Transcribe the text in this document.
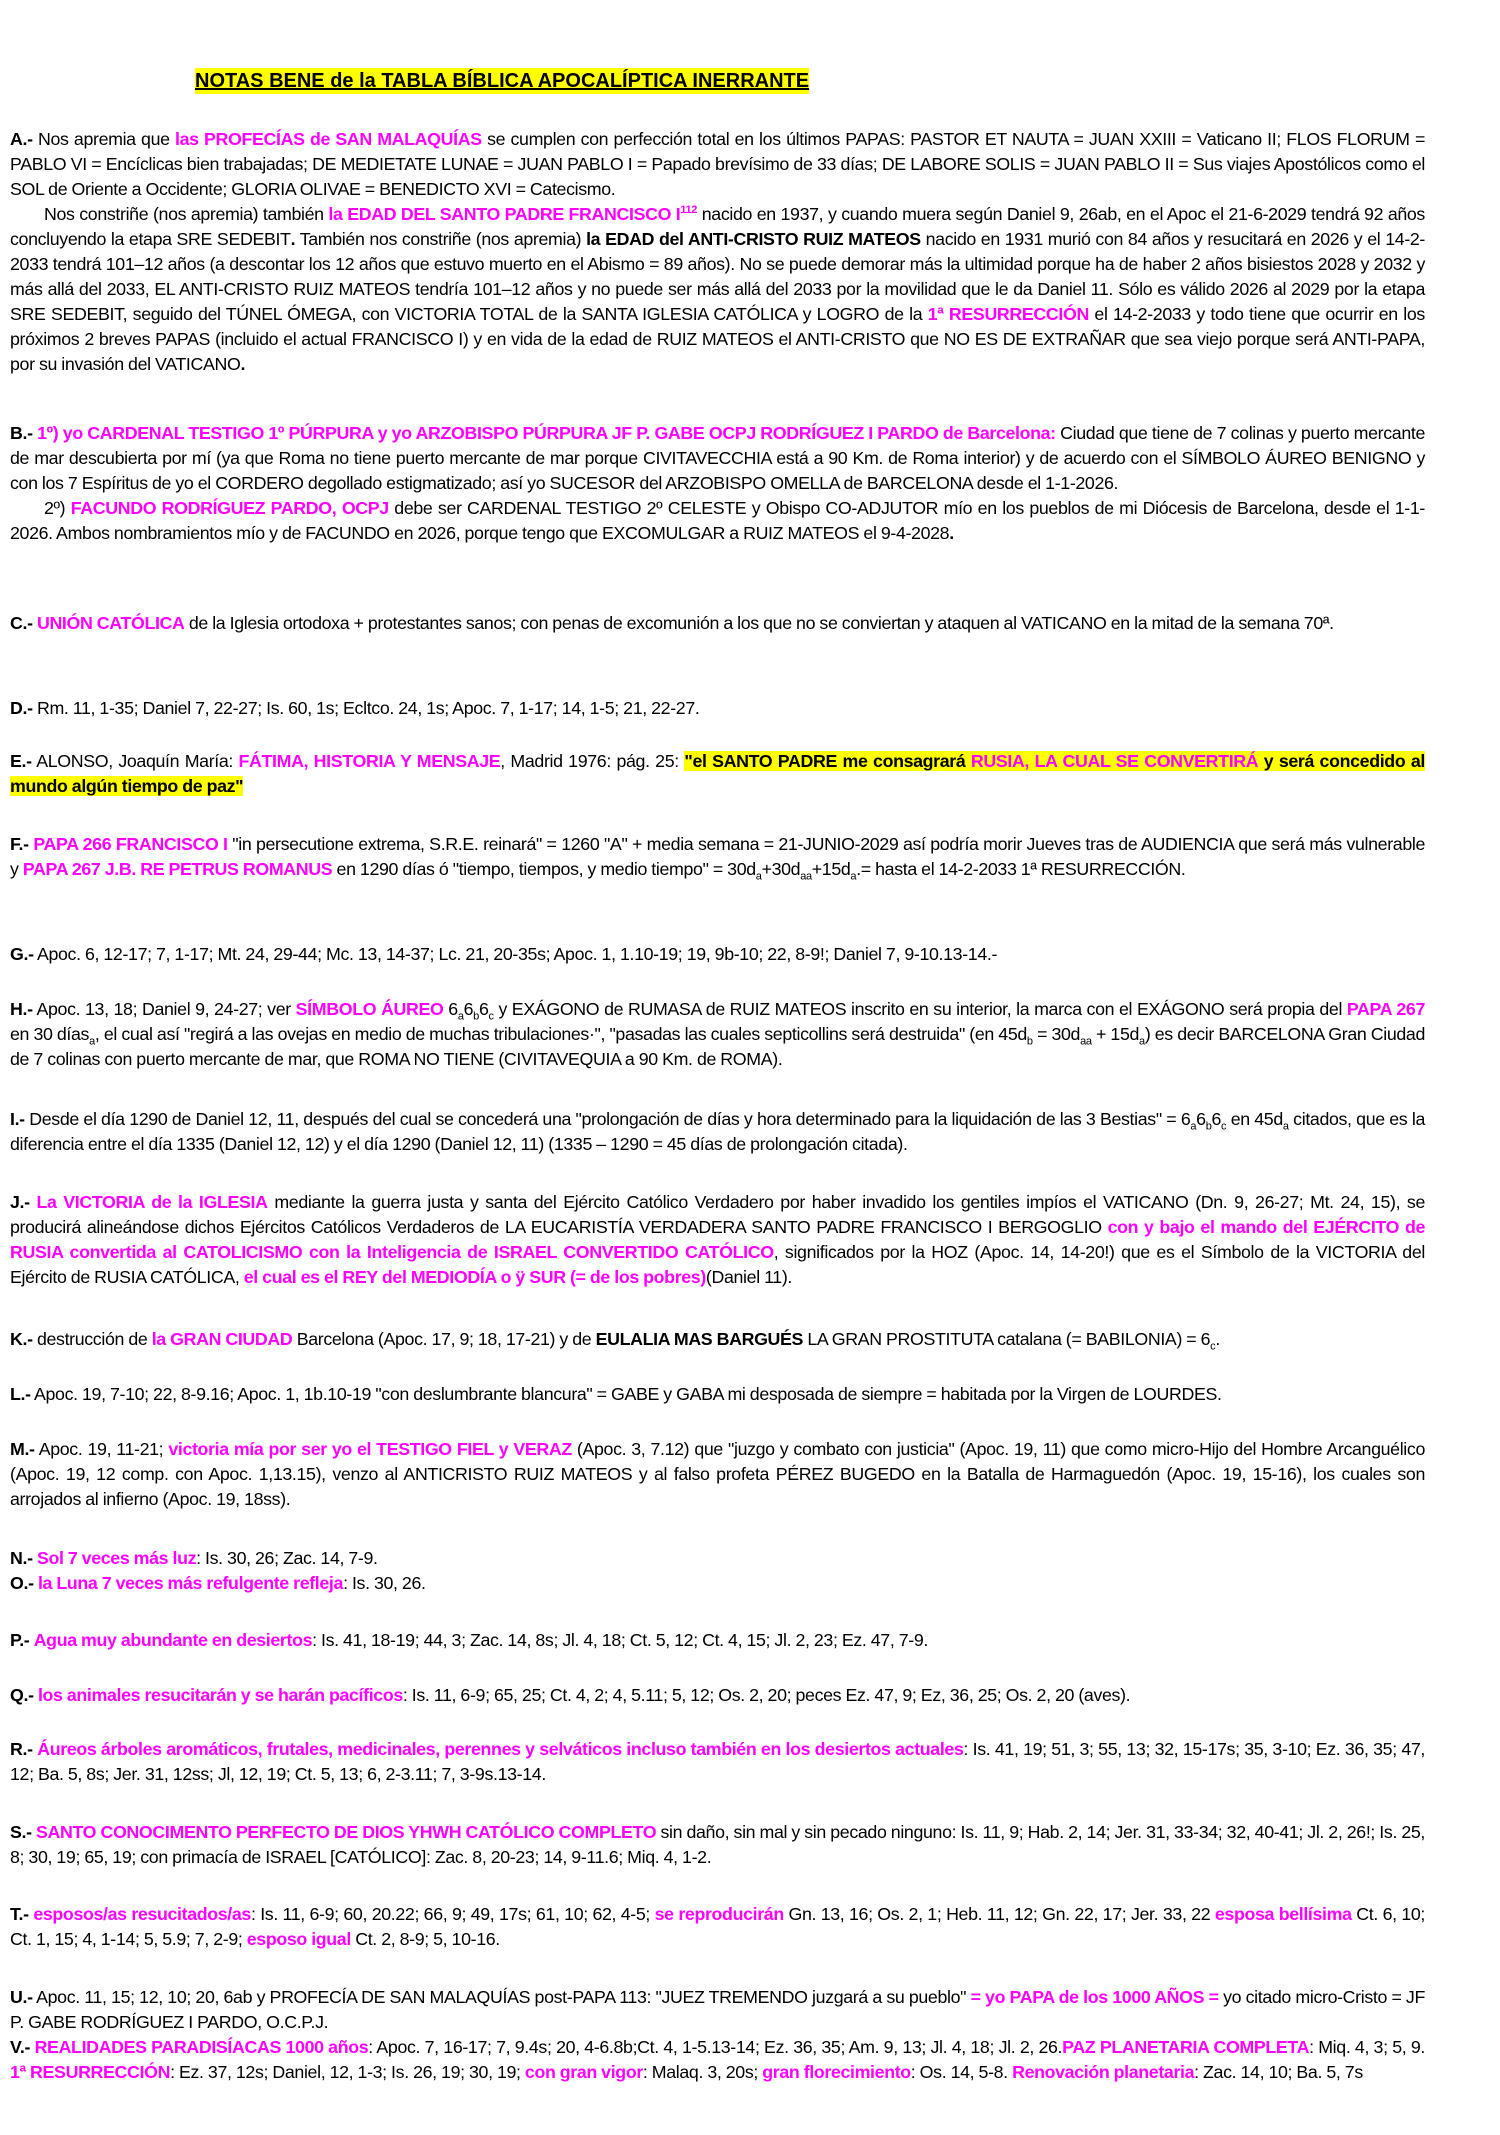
NOTAS BENE de la TABLA BÍBLICA APOCALÍPTICA INERRANTE
A.- Nos apremia que las PROFECÍAS de SAN MALAQUÍAS se cumplen con perfección total en los últimos PAPAS: PASTOR ET NAUTA = JUAN XXIII = Vaticano II; FLOS FLORUM = PABLO VI = Encíclicas bien trabajadas; DE MEDIETATE LUNAE = JUAN PABLO I = Papado brevísimo de 33 días; DE LABORE SOLIS = JUAN PABLO II = Sus viajes Apostólicos como el SOL de Oriente a Occidente; GLORIA OLIVAE = BENEDICTO XVI = Catecismo.
Nos constriñe (nos apremia) también la EDAD DEL SANTO PADRE FRANCISCO $I^{112}$ nacido en 1937, y cuando muera según Daniel 9, 26ab, en el Apoc el 21-6-2029 tendrá 92 años concluyendo la etapa SRE SEDEBIT. También nos constriñe (nos apremia) la EDAD del ANTI-CRISTO RUIZ MATEOS nacido en 1931 murió con 84 años y resucitará en 2026 y el 14-2-2033 tendrá 101–12 años (a descontar los 12 años que estuvo muerto en el Abismo = 89 años). No se puede demorar más la ultimidad porque ha de haber 2 años bisiestos 2028 y 2032 y más allá del 2033, EL ANTI-CRISTO RUIZ MATEOS tendría 101–12 años y no puede ser más allá del 2033 por la movilidad que le da Daniel 11. Sólo es válido 2026 al 2029 por la etapa SRE SEDEBIT, seguido del TÚNEL ÓMEGA, con VICTORIA TOTAL de la SANTA IGLESIA CATÓLICA y LOGRO de la 1ª RESURRECCIÓN el 14-2-2033 y todo tiene que ocurrir en los próximos 2 breves PAPAS (incluido el actual FRANCISCO I) y en vida de la edad de RUIZ MATEOS el ANTI-CRISTO que NO ES DE EXTRAÑAR que sea viejo porque será ANTI-PAPA, por su invasión del VATICANO.
B.- 1º) yo CARDENAL TESTIGO 1º PÚRPURA y yo ARZOBISPO PÚRPURA JF P. GABE OCPJ RODRÍGUEZ I PARDO de Barcelona: Ciudad que tiene de 7 colinas y puerto mercante de mar descubierta por mí (ya que Roma no tiene puerto mercante de mar porque CIVITAVECCHIA está a 90 Km. de Roma interior) y de acuerdo con el SÍMBOLO ÁUREO BENIGNO y con los 7 Espíritus de yo el CORDERO degollado estigmatizado; así yo SUCESOR del ARZOBISPO OMELLA de BARCELONA desde el 1-1-2026.
2º) FACUNDO RODRÍGUEZ PARDO, OCPJ debe ser CARDENAL TESTIGO 2º CELESTE y Obispo CO-ADJUTOR mío en los pueblos de mi Diócesis de Barcelona, desde el 1-1-2026. Ambos nombramientos mío y de FACUNDO en 2026, porque tengo que EXCOMULGAR a RUIZ MATEOS el 9-4-2028.
C.- UNIÓN CATÓLICA de la Iglesia ortodoxa + protestantes sanos; con penas de excomunión a los que no se conviertan y ataquen al VATICANO en la mitad de la semana 70ª.
D.- Rm. 11, 1-35; Daniel 7, 22-27; Is. 60, 1s; Ecltco. 24, 1s; Apoc. 7, 1-17; 14, 1-5; 21, 22-27.
E.- ALONSO, Joaquín María: FÁTIMA, HISTORIA Y MENSAJE, Madrid 1976: pág. 25: "el SANTO PADRE me consagrará RUSIA, LA CUAL SE CONVERTIRÁ y será concedido al mundo algún tiempo de paz"
F.- PAPA 266 FRANCISCO I "in persecutione extrema, S.R.E. reinará" = 1260 "A" + media semana = 21-JUNIO-2029 así podría morir Jueves tras de AUDIENCIA que será más vulnerable y PAPA 267 J.B. RE PETRUS ROMANUS en 1290 días ó "tiempo, tiempos, y medio tiempo" = $30d_a+30d_{aa}+15d_a.=$ hasta el 14-2-2033 1ª RESURRECCIÓN.
G.- Apoc. 6, 12-17; 7, 1-17; Mt. 24, 29-44; Mc. 13, 14-37; Lc. 21, 20-35s; Apoc. 1, 1.10-19; 19, 9b-10; 22, 8-9!; Daniel 7, 9-10.13-14.-
H.- Apoc. 13, 18; Daniel 9, 24-27; ver SÍMBOLO ÁUREO $6_a6_b6_c$ y EXÁGONO de RUMASA de RUIZ MATEOS inscrito en su interior, la marca con el EXÁGONO será propia del PAPA 267 en 30 días$_a$, el cual así "regirá a las ovejas en medio de muchas tribulaciones·", "pasadas las cuales septicollins será destruida" (en $45d_b = 30d_{aa} + 15d_a$) es decir BARCELONA Gran Ciudad de 7 colinas con puerto mercante de mar, que ROMA NO TIENE (CIVITAVEQUIA a 90 Km. de ROMA).
I.- Desde el día 1290 de Daniel 12, 11, después del cual se concederá una "prolongación de días y hora determinado para la liquidación de las 3 Bestias" = $6_a6_b6_c$ en $45d_a$ citados, que es la diferencia entre el día 1335 (Daniel 12, 12) y el día 1290 (Daniel 12, 11) (1335 – 1290 = 45 días de prolongación citada).
J.- La VICTORIA de la IGLESIA mediante la guerra justa y santa del Ejército Católico Verdadero por haber invadido los gentiles impíos el VATICANO (Dn. 9, 26-27; Mt. 24, 15), se producirá alineándose dichos Ejércitos Católicos Verdaderos de LA EUCARISTÍA VERDADERA SANTO PADRE FRANCISCO I BERGOGLIO con y bajo el mando del EJÉRCITO de RUSIA convertida al CATOLICISMO con la Inteligencia de ISRAEL CONVERTIDO CATÓLICO, significados por la HOZ (Apoc. 14, 14-20!) que es el Símbolo de la VICTORIA del Ejército de RUSIA CATÓLICA, el cual es el REY del MEDIODÍA o ÿ SUR (= de los pobres)(Daniel 11).
K.- destrucción de la GRAN CIUDAD Barcelona (Apoc. 17, 9; 18, 17-21) y de EULALIA MAS BARGUÉS LA GRAN PROSTITUTA catalana (= BABILONIA) = $6_c$.
L.- Apoc. 19, 7-10; 22, 8-9.16; Apoc. 1, 1b.10-19 "con deslumbrante blancura" = GABE y GABA mi desposada de siempre = habitada por la Virgen de LOURDES.
M.- Apoc. 19, 11-21; victoria mía por ser yo el TESTIGO FIEL y VERAZ (Apoc. 3, 7.12) que "juzgo y combato con justicia" (Apoc. 19, 11) que como micro-Hijo del Hombre Arcanguélico (Apoc. 19, 12 comp. con Apoc. 1,13.15), venzo al ANTICRISTO RUIZ MATEOS y al falso profeta PÉREZ BUGEDO en la Batalla de Harmaguedón (Apoc. 19, 15-16), los cuales son arrojados al infierno (Apoc. 19, 18ss).
N.- Sol 7 veces más luz: Is. 30, 26; Zac. 14, 7-9.
O.- la Luna 7 veces más refulgente refleja: Is. 30, 26.
P.- Agua muy abundante en desiertos: Is. 41, 18-19; 44, 3; Zac. 14, 8s; Jl. 4, 18; Ct. 5, 12; Ct. 4, 15; Jl. 2, 23; Ez. 47, 7-9.
Q.- los animales resucitarán y se harán pacíficos: Is. 11, 6-9; 65, 25; Ct. 4, 2; 4, 5.11; 5, 12; Os. 2, 20; peces Ez. 47, 9; Ez, 36, 25; Os. 2, 20 (aves).
R.- Áureos árboles aromáticos, frutales, medicinales, perennes y selváticos incluso también en los desiertos actuales: Is. 41, 19; 51, 3; 55, 13; 32, 15-17s; 35, 3-10; Ez. 36, 35; 47, 12; Ba. 5, 8s; Jer. 31, 12ss; Jl, 12, 19; Ct. 5, 13; 6, 2-3.11; 7, 3-9s.13-14.
S.- SANTO CONOCIMENTO PERFECTO DE DIOS YHWH CATÓLICO COMPLETO sin daño, sin mal y sin pecado ninguno: Is. 11, 9; Hab. 2, 14; Jer. 31, 33-34; 32, 40-41; Jl. 2, 26!; Is. 25, 8; 30, 19; 65, 19; con primacía de ISRAEL [CATÓLICO]: Zac. 8, 20-23; 14, 9-11.6; Miq. 4, 1-2.
T.- esposos/as resucitados/as: Is. 11, 6-9; 60, 20.22; 66, 9; 49, 17s; 61, 10; 62, 4-5; se reproducirán Gn. 13, 16; Os. 2, 1; Heb. 11, 12; Gn. 22, 17; Jer. 33, 22 esposa bellísima Ct. 6, 10; Ct. 1, 15; 4, 1-14; 5, 5.9; 7, 2-9; esposo igual Ct. 2, 8-9; 5, 10-16.
U.- Apoc. 11, 15; 12, 10; 20, 6ab y PROFECÍA DE SAN MALAQUÍAS post-PAPA 113: "JUEZ TREMENDO juzgará a su pueblo" = yo PAPA de los 1000 AÑOS = yo citado micro-Cristo = JF P. GABE RODRÍGUEZ I PARDO, O.C.P.J.
V.- REALIDADES PARADISÍACAS 1000 años: Apoc. 7, 16-17; 7, 9.4s; 20, 4-6.8b;Ct. 4, 1-5.13-14; Ez. 36, 35; Am. 9, 13; Jl. 4, 18; Jl. 2, 26.PAZ PLANETARIA COMPLETA: Miq. 4, 3; 5, 9. 1ª RESURRECCIÓN: Ez. 37, 12s; Daniel, 12, 1-3; Is. 26, 19; 30, 19; con gran vigor: Malaq. 3, 20s; gran florecimiento: Os. 14, 5-8. Renovación planetaria: Zac. 14, 10; Ba. 5, 7s
